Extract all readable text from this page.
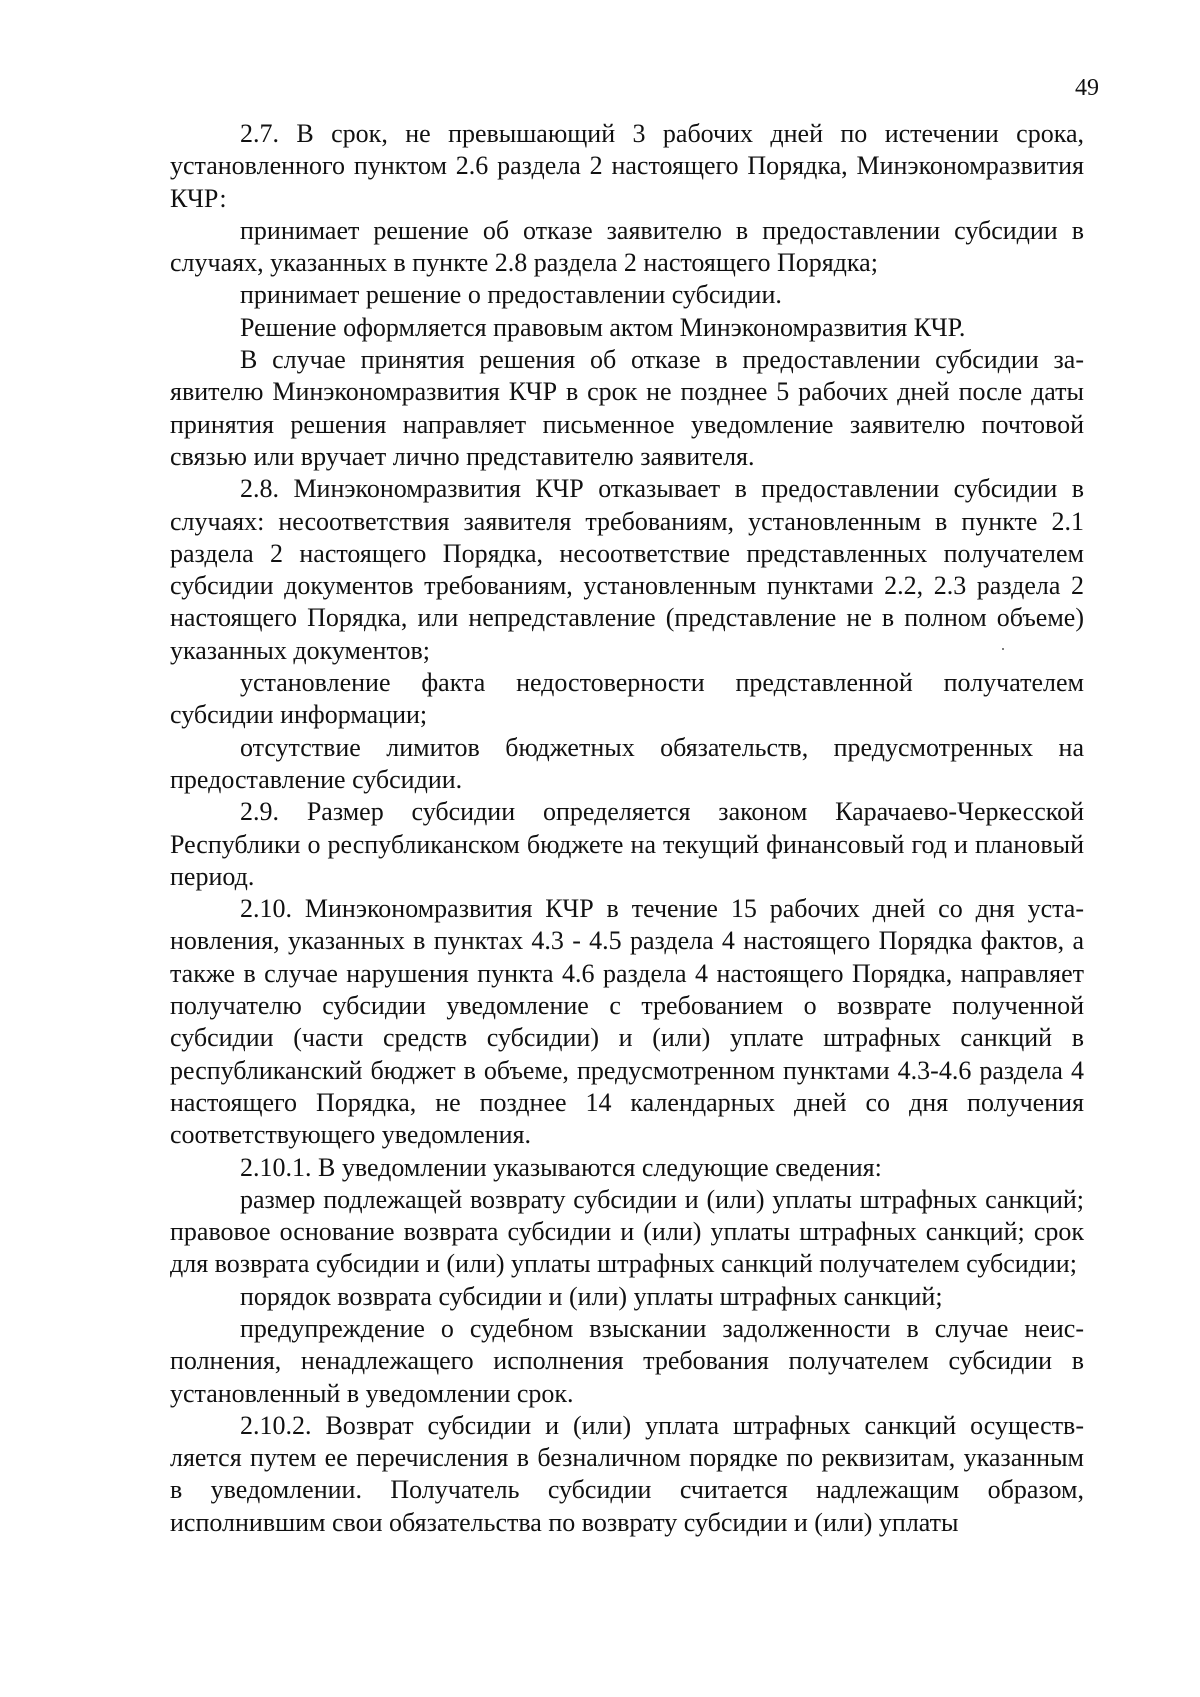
49

2.7. В срок, не превышающий 3 рабочих дней по истечении срока, установленного пунктом 2.6 раздела 2 настоящего Порядка, Минэкономразвития КЧР:

принимает решение об отказе заявителю в предоставлении субсидии в случаях, указанных в пункте 2.8 раздела 2 настоящего Порядка;

принимает решение о предоставлении субсидии.

Решение оформляется правовым актом Минэкономразвития КЧР.

В случае принятия решения об отказе в предоставлении субсидии заявителю Минэкономразвития КЧР в срок не позднее 5 рабочих дней после даты принятия решения направляет письменное уведомление заявителю почтовой связью или вручает лично представителю заявителя.

2.8. Минэкономразвития КЧР отказывает в предоставлении субсидии в случаях: несоответствия заявителя требованиям, установленным в пункте 2.1 раздела 2 настоящего Порядка, несоответствие представленных получателем субсидии документов требованиям, установленным пунктами 2.2, 2.3 раздела 2 настоящего Порядка, или непредставление (представление не в полном объеме) указанных документов;

установление факта недостоверности представленной получателем субсидии информации;

отсутствие лимитов бюджетных обязательств, предусмотренных на предоставление субсидии.

2.9. Размер субсидии определяется законом Карачаево-Черкесской Республики о республиканском бюджете на текущий финансовый год и плановый период.

2.10. Минэкономразвития КЧР в течение 15 рабочих дней со дня установления, указанных в пунктах 4.3 - 4.5 раздела 4 настоящего Порядка фактов, а также в случае нарушения пункта 4.6 раздела 4 настоящего Порядка, направляет получателю субсидии уведомление с требованием о возврате полученной субсидии (части средств субсидии) и (или) уплате штрафных санкций в республиканский бюджет в объеме, предусмотренном пунктами 4.3-4.6 раздела 4 настоящего Порядка, не позднее 14 календарных дней со дня получения соответствующего уведомления.

2.10.1. В уведомлении указываются следующие сведения:

размер подлежащей возврату субсидии и (или) уплаты штрафных санкций; правовое основание возврата субсидии и (или) уплаты штрафных санкций; срок для возврата субсидии и (или) уплаты штрафных санкций получателем субсидии;

порядок возврата субсидии и (или) уплаты штрафных санкций;

предупреждение о судебном взыскании задолженности в случае неисполнения, ненадлежащего исполнения требования получателем субсидии в установленный в уведомлении срок.

2.10.2. Возврат субсидии и (или) уплата штрафных санкций осуществляется путем ее перечисления в безналичном порядке по реквизитам, указанным в уведомлении. Получатель субсидии считается надлежащим образом, исполнившим свои обязательства по возврату субсидии и (или) уплаты
